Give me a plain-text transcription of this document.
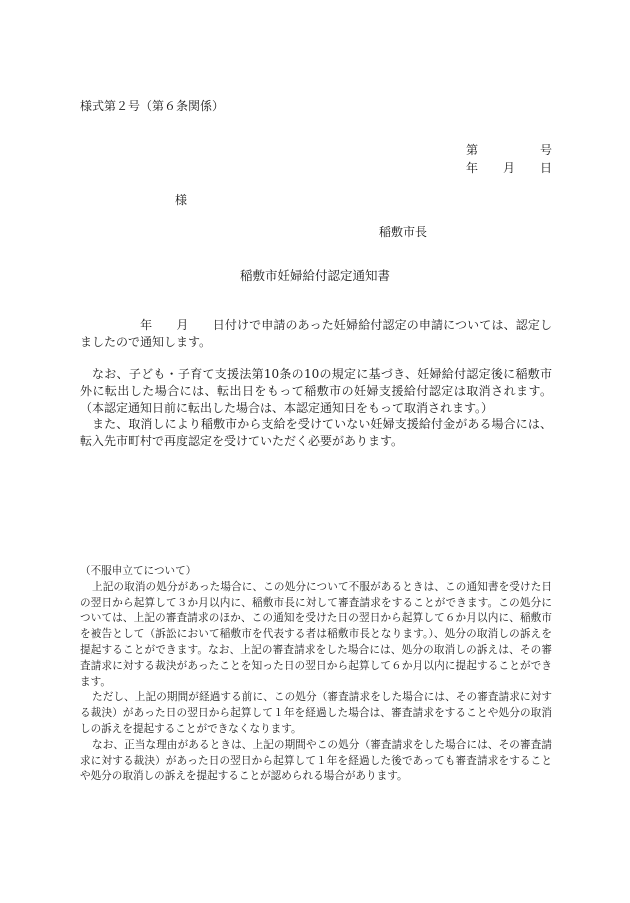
様式第２号（第６条関係）
第	号
年 月 日
様
稲敷市長
稲敷市妊婦給付認定通知書

年 月 日付けで申請のあった妊婦給付認定の申請については、認定しましたので通知します。

なお、子ども・子育て支援法第10条の10の規定に基づき、妊婦給付認定後に稲敷市外に転出した場合には、転出日をもって稲敷市の妊婦支援給付認定は取消されます。（本認定通知日前に転出した場合は、本認定通知日をもって取消されます。）

また、取消しにより稲敷市から支給を受けていない妊婦支援給付金がある場合には、転入先市町村で再度認定を受けていただく必要があります。

（不服申立てについて）

上記の取消の処分があった場合に、この処分について不服があるときは、この通知書を受けた日の翌日から起算して３か月以内に、稲敷市長に対して審査請求をすることができます。この処分については、上記の審査請求のほか、この通知を受けた日の翌日から起算して６か月以内に、稲敷市を被告として（訴訟において稲敷市を代表する者は稲敷市長となります。）、処分の取消しの訴えを提起することができます。なお、上記の審査請求をした場合には、処分の取消しの訴えは、その審査請求に対する裁決があったことを知った日の翌日から起算して６か月以内に提起することができます。

ただし、上記の期間が経過する前に、この処分（審査請求をした場合には、その審査請求に対する裁決）があった日の翌日から起算して１年を経過した場合は、審査請求をすることや処分の取消しの訴えを提起することができなくなります。

なお、正当な理由があるときは、上記の期間やこの処分（審査請求をした場合には、その審査請求に対する裁決）があった日の翌日から起算して１年を経過した後であっても審査請求をすることや処分の取消しの訴えを提起することが認められる場合があります。
